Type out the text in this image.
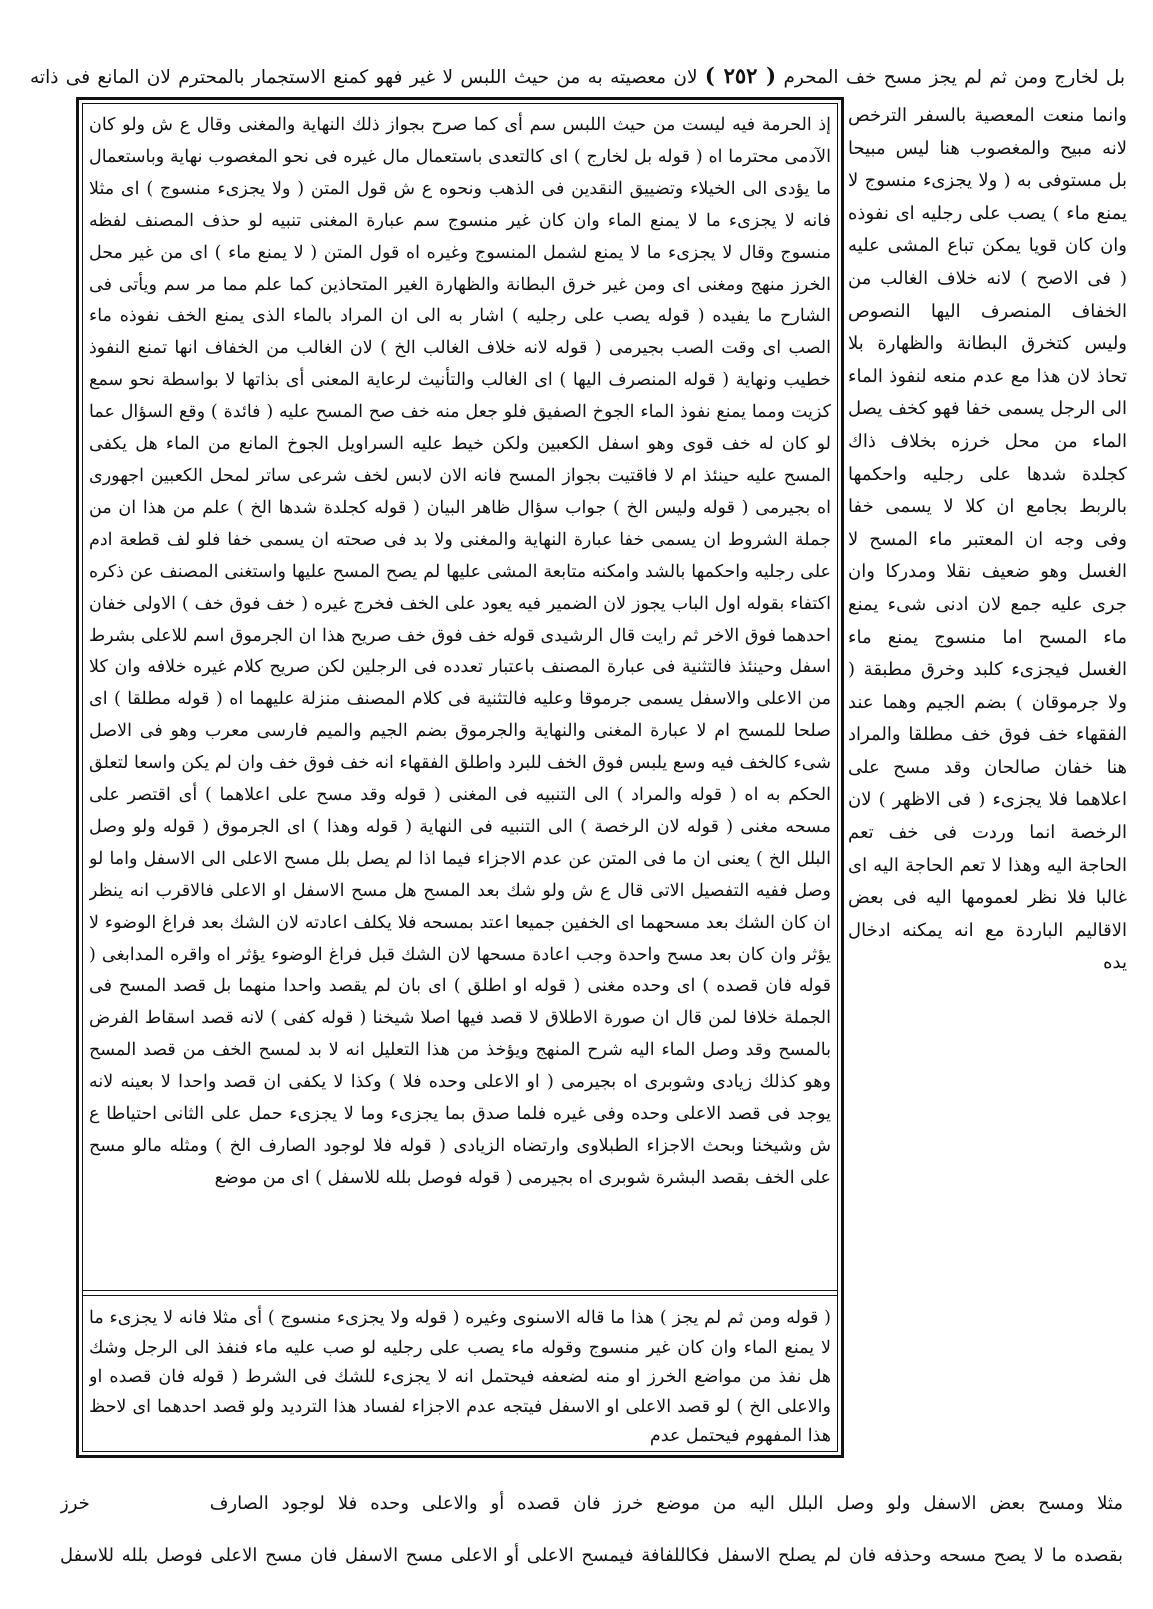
بل لخارج ومن ثم لم يجز مسح خف المحرم ( ٢٥٢ ) لان معصيته به من حيث اللبس لا غير فهو كمنع الاستجمار بالمحترم لان المانع فى ذاته

وانما منعت المعصية بالسفر الترخص لانه مبيح والمغصوب هنا ليس مبيحا بل مستوفى به ( ولا يجزىء منسوج لا يمنع ماء ) يصب على رجليه اى نفوذه وان كان قويا يمكن تباع المشى عليه ( فى الاصح ) لانه خلاف الغالب من الخفاف المنصرف اليها النصوص وليس كتخرق البطانة والظهارة بلا تحاذ لان هذا مع عدم منعه لنفوذ الماء الى الرجل يسمى خفا فهو كخف يصل الماء من محل خرزه بخلاف ذاك كجلدة شدها على رجليه واحكمها بالربط بجامع ان كلا لا يسمى خفا وفى وجه ان المعتبر ماء المسح لا الغسل وهو ضعيف نقلا ومدركا وان جرى عليه جمع لان ادنى شىء يمنع ماء المسح اما منسوج يمنع ماء الغسل فيجزىء كلبد وخرق مطبقة ( ولا جرموقان ) بضم الجيم وهما عند الفقهاء خف فوق خف مطلقا والمراد هنا خفان صالحان وقد مسح على اعلاهما فلا يجزىء ( فى الاظهر ) لان الرخصة انما وردت فى خف تعم الحاجة اليه وهذا لا تعم الحاجة اليه اى غالبا فلا نظر لعمومها اليه فى بعض الاقاليم الباردة مع انه يمكنه ادخال يده

إذ الحرمة فيه ليست من حيث اللبس سم أى كما صرح بجواز ذلك النهاية والمغنى وقال ع ش ولو كان الآدمى محترما اه ( قوله بل لخارج ) اى كالتعدى باستعمال مال غيره فى نحو المغصوب نهاية وباستعمال ما يؤدى الى الخيلاء وتضييق النقدين فى الذهب ونحوه ع ش قول المتن ( ولا يجزىء منسوج ) اى مثلا فانه لا يجزىء ما لا يمنع الماء وان كان غير منسوج سم عبارة المغنى تنبيه لو حذف المصنف لفظه منسوج وقال لا يجزىء ما لا يمنع لشمل المنسوج وغيره اه قول المتن ( لا يمنع ماء ) اى من غير محل الخرز منهج ومغنى اى ومن غير خرق البطانة والظهارة الغير المتحاذين كما علم مما مر سم ويأتى فى الشارح ما يفيده ( قوله يصب على رجليه ) اشار به الى ان المراد بالماء الذى يمنع الخف نفوذه ماء الصب اى وقت الصب بجيرمى ( قوله لانه خلاف الغالب الخ ) لان الغالب من الخفاف انها تمنع النفوذ خطيب ونهاية ( قوله المنصرف اليها ) اى الغالب والتأنيث لرعاية المعنى أى بذاتها لا بواسطة نحو سمع كزيت ومما يمنع نفوذ الماء الجوخ الصفيق فلو جعل منه خف صح المسح عليه ( فائدة ) وقع السؤال عما لو كان له خف قوى وهو اسفل الكعبين ولكن خيط عليه السراويل الجوخ المانع من الماء هل يكفى المسح عليه حينئذ ام لا فاقتيت بجواز المسح فانه الان لابس لخف شرعى ساتر لمحل الكعبين اجهورى اه بجيرمى ( قوله وليس الخ ) جواب سؤال ظاهر البيان ( قوله كجلدة شدها الخ ) علم من هذا ان من جملة الشروط ان يسمى خفا عبارة النهاية والمغنى ولا بد فى صحته ان يسمى خفا فلو لف قطعة ادم على رجليه واحكمها بالشد وامكنه متابعة المشى عليها لم يصح المسح عليها واستغنى المصنف عن ذكره اكتفاء بقوله اول الباب يجوز لان الضمير فيه يعود على الخف فخرج غيره ( خف فوق خف ) الاولى خفان احدهما فوق الاخر ثم رايت قال الرشيدى قوله خف فوق خف صريح هذا ان الجرموق اسم للاعلى بشرط اسفل وحينئذ فالتثنية فى عبارة المصنف باعتبار تعدده فى الرجلين لكن صريح كلام غيره خلافه وان كلا من الاعلى والاسفل يسمى جرموقا وعليه فالتثنية فى كلام المصنف منزلة عليهما اه ( قوله مطلقا ) اى صلحا للمسح ام لا عبارة المغنى والنهاية والجرموق بضم الجيم والميم فارسى معرب وهو فى الاصل شىء كالخف فيه وسع يلبس فوق الخف للبرد واطلق الفقهاء انه خف فوق خف وان لم يكن واسعا لتعلق الحكم به اه ( قوله والمراد ) الى التنبيه فى المغنى ( قوله وقد مسح على اعلاهما ) أى اقتصر على مسحه مغنى ( قوله لان الرخصة ) الى التنبيه فى النهاية ( قوله وهذا ) اى الجرموق ( قوله ولو وصل البلل الخ ) يعنى ان ما فى المتن عن عدم الاجزاء فيما اذا لم يصل بلل مسح الاعلى الى الاسفل واما لو وصل ففيه التفصيل الاتى قال ع ش ولو شك بعد المسح هل مسح الاسفل او الاعلى فالاقرب انه ينظر ان كان الشك بعد مسحهما اى الخفين جميعا اعتد بمسحه فلا يكلف اعادته لان الشك بعد فراغ الوضوء لا يؤثر وان كان بعد مسح واحدة وجب اعادة مسحها لان الشك قبل فراغ الوضوء يؤثر اه واقره المدابغى ( قوله فان قصده ) اى وحده مغنى ( قوله او اطلق ) اى بان لم يقصد واحدا منهما بل قصد المسح فى الجملة خلافا لمن قال ان صورة الاطلاق لا قصد فيها اصلا شيخنا ( قوله كفى ) لانه قصد اسقاط الفرض بالمسح وقد وصل الماء اليه شرح المنهج ويؤخذ من هذا التعليل انه لا بد لمسح الخف من قصد المسح وهو كذلك زيادى وشوبرى اه بجيرمى ( او الاعلى وحده فلا ) وكذا لا يكفى ان قصد واحدا لا بعينه لانه يوجد فى قصد الاعلى وحده وفى غيره فلما صدق بما يجزىء وما لا يجزىء حمل على الثانى احتياطا ع ش وشيخنا وبحث الاجزاء الطبلاوى وارتضاه الزيادى ( قوله فلا لوجود الصارف الخ ) ومثله مالو مسح على الخف بقصد البشرة شوبرى اه بجيرمى ( قوله فوصل بلله للاسفل ) اى من موضع

( قوله ومن ثم لم يجز ) هذا ما قاله الاسنوى وغيره ( قوله ولا يجزىء منسوج ) أى مثلا فانه لا يجزىء ما لا يمنع الماء وان كان غير منسوج وقوله ماء يصب على رجليه لو صب عليه ماء فنفذ الى الرجل وشك هل نفذ من مواضع الخرز او منه لضعفه فيحتمل انه لا يجزىء للشك فى الشرط ( قوله فان قصده او والاعلى الخ ) لو قصد الاعلى او الاسفل فيتجه عدم الاجزاء لفساد هذا الترديد ولو قصد احدهما اى لاحظ هذا المفهوم فيحتمل عدم

مثلا ومسح بعض الاسفل ولو وصل البلل اليه من موضع خرز فان قصده أو والاعلى وحده فلا لوجود الصارفخرز

بقصده ما لا يصح مسحه وحذفه فان لم يصلح الاسفل فكاللفافة فيمسح الاعلى أو الاعلى مسح الاسفل فان مسح الاعلى فوصل بلله للاسفل
